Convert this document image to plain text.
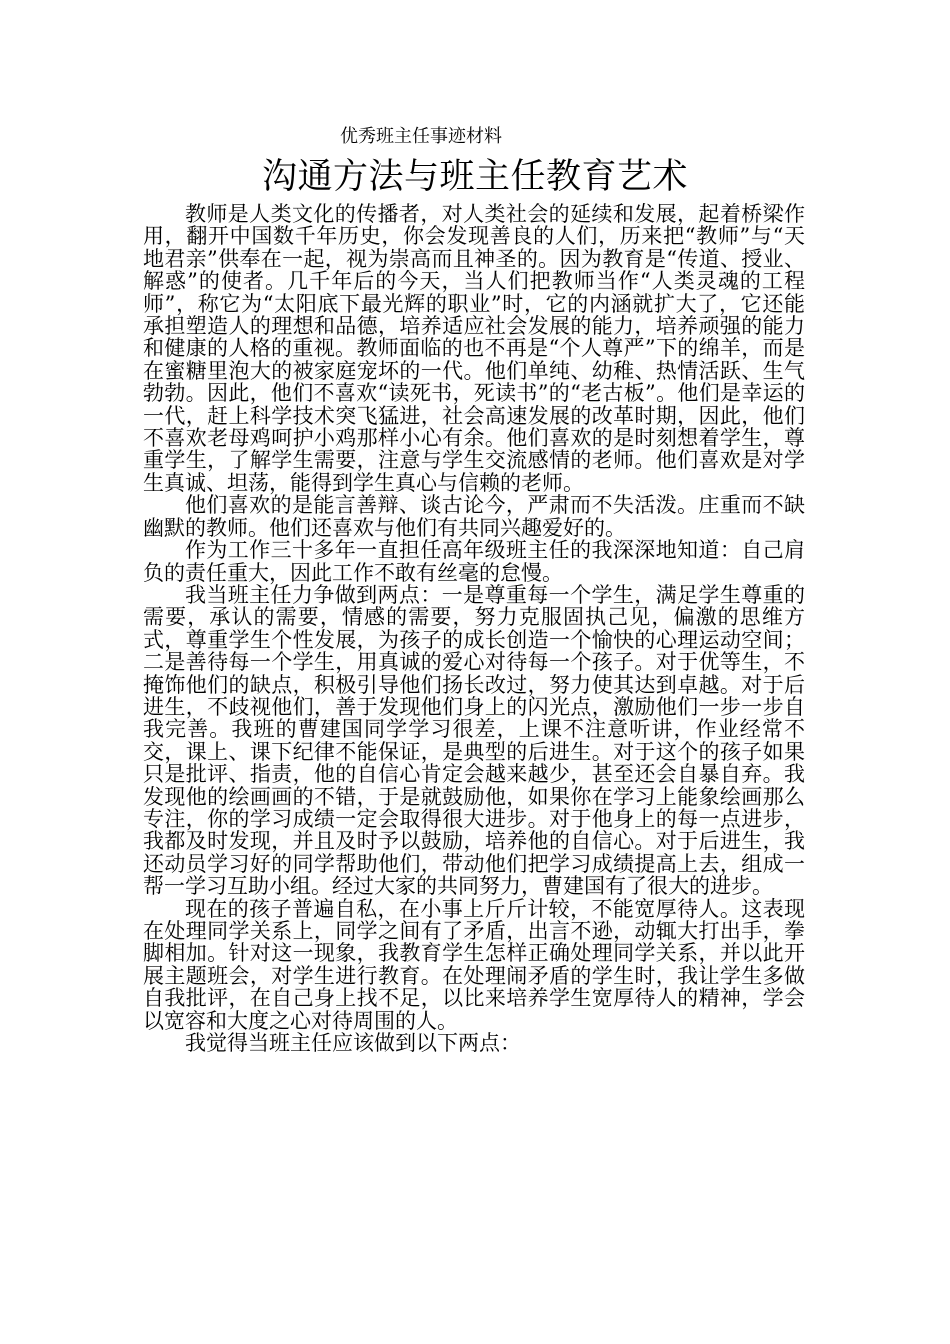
优秀班主任事迹材料
沟通方法与班主任教育艺术

教师是人类文化的传播者，对人类社会的延续和发展，起着桥梁作用，翻开中国数千年历史，你会发现善良的人们，历来把“教师”与“天地君亲”供奉在一起，视为崇高而且神圣的。因为教育是“传道、授业、解惑”的使者。几千年后的今天，当人们把教师当作“人类灵魂的工程师”，称它为“太阳底下最光辉的职业”时，它的内涵就扩大了，它还能承担塑造人的理想和品德，培养适应社会发展的能力，培养顽强的能力和健康的人格的重视。教师面临的也不再是“个人尊严”下的绵羊，而是在蜜糖里泡大的被家庭宠坏的一代。他们单纯、幼稚、热情活跃、生气勃勃。因此，他们不喜欢“读死书，死读书”的“老古板”。他们是幸运的一代，赶上科学技术突飞猛进，社会高速发展的改革时期，因此，他们不喜欢老母鸡呵护小鸡那样小心有余。他们喜欢的是时刻想着学生，尊重学生，了解学生需要，注意与学生交流感情的老师。他们喜欢是对学生真诚、坦荡，能得到学生真心与信赖的老师。

他们喜欢的是能言善辩、谈古论今，严肃而不失活泼。庄重而不缺幽默的教师。他们还喜欢与他们有共同兴趣爱好的。

作为工作三十多年一直担任高年级班主任的我深深地知道：自己肩负的责任重大，因此工作不敢有丝毫的怠慢。

我当班主任力争做到两点：一是尊重每一个学生，满足学生尊重的需要，承认的需要，情感的需要，努力克服固执己见，偏激的思维方式，尊重学生个性发展，为孩子的成长创造一个愉快的心理运动空间；二是善待每一个学生，用真诚的爱心对待每一个孩子。对于优等生，不掩饰他们的缺点，积极引导他们扬长改过，努力使其达到卓越。对于后进生，不歧视他们，善于发现他们身上的闪光点，激励他们一步一步自我完善。我班的曹建国同学学习很差，上课不注意听讲，作业经常不交，课上、课下纪律不能保证，是典型的后进生。对于这个的孩子如果只是批评、指责，他的自信心肯定会越来越少，甚至还会自暴自弃。我发现他的绘画画的不错，于是就鼓励他，如果你在学习上能象绘画那么专注，你的学习成绩一定会取得很大进步。对于他身上的每一点进步，我都及时发现，并且及时予以鼓励，培养他的自信心。对于后进生，我还动员学习好的同学帮助他们，带动他们把学习成绩提高上去，组成一帮一学习互助小组。经过大家的共同努力，曹建国有了很大的进步。

现在的孩子普遍自私，在小事上斤斤计较，不能宽厚待人。这表现在处理同学关系上，同学之间有了矛盾，出言不逊，动辄大打出手，拳脚相加。针对这一现象，我教育学生怎样正确处理同学关系，并以此开展主题班会，对学生进行教育。在处理闹矛盾的学生时，我让学生多做自我批评，在自己身上找不足，以比来培养学生宽厚待人的精神，学会以宽容和大度之心对待周围的人。

我觉得当班主任应该做到以下两点：
